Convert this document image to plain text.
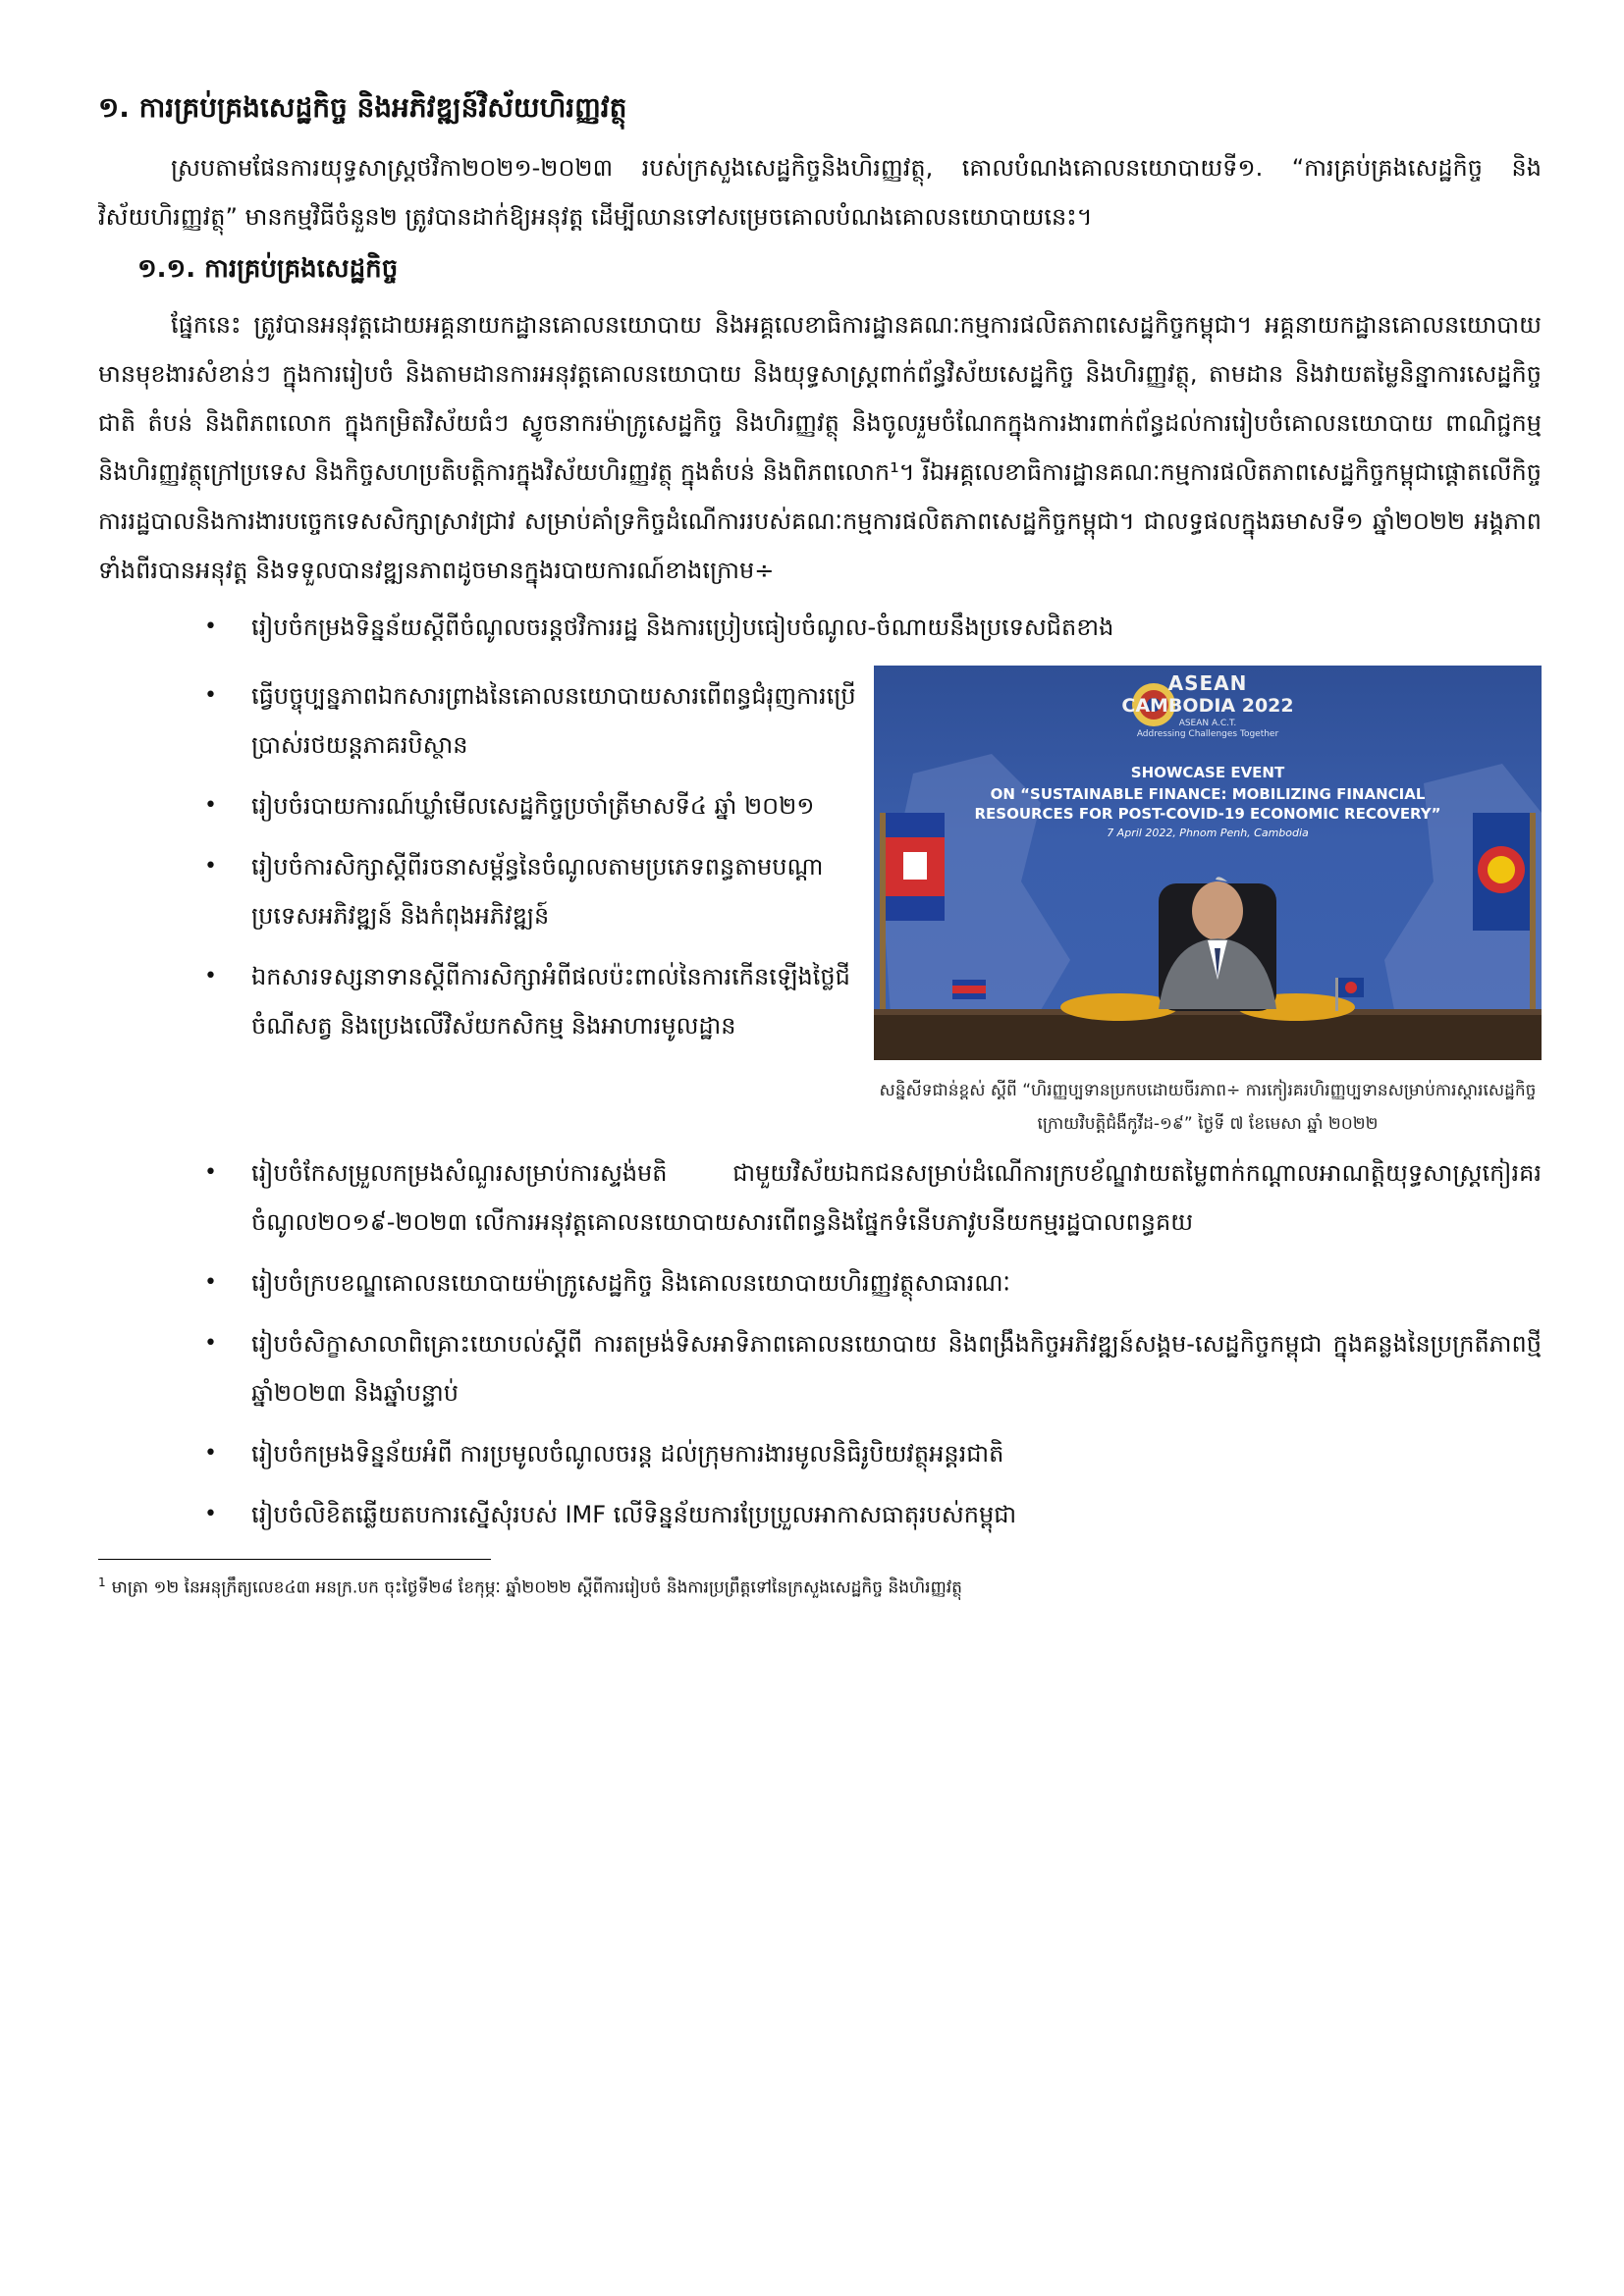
១. ការគ្រប់គ្រងសេដ្ឋកិច្ច និងអភិវឌ្ឍន៍វិស័យហិរញ្ញវត្ថុ

ស្របតាមផែនការយុទ្ធសាស្ត្រថវិកា២០២១-២០២៣ របស់ក្រសួងសេដ្ឋកិច្ចនិងហិរញ្ញវត្ថុ, គោលបំណងគោលនយោបាយទី១. “ការគ្រប់គ្រងសេដ្ឋកិច្ច និងវិស័យហិរញ្ញវត្ថុ” មានកម្មវិធីចំនួន២ ត្រូវបានដាក់ឱ្យអនុវត្ត ដើម្បីឈានទៅសម្រេចគោលបំណងគោលនយោបាយនេះ។

១.១. ការគ្រប់គ្រងសេដ្ឋកិច្ច

ផ្នែកនេះ ត្រូវបានអនុវត្តដោយអគ្គនាយកដ្ឋានគោលនយោបាយ និងអគ្គលេខាធិការដ្ឋានគណៈកម្មការផលិតភាពសេដ្ឋកិច្ចកម្ពុជា។ អគ្គនាយកដ្ឋានគោលនយោបាយមានមុខងារសំខាន់ៗ ក្នុងការរៀបចំ និងតាមដានការអនុវត្តគោលនយោបាយ និងយុទ្ធសាស្ត្រពាក់ព័ន្ធវិស័យសេដ្ឋកិច្ច និងហិរញ្ញវត្ថុ, តាមដាន និងវាយតម្លៃនិន្នាការសេដ្ឋកិច្ចជាតិ តំបន់ និងពិភពលោក ក្នុងកម្រិតវិស័យធំៗ ស្វូចនាករម៉ាក្រូសេដ្ឋកិច្ច និងហិរញ្ញវត្ថុ និងចូលរួមចំណែកក្នុងការងារពាក់ព័ន្ធដល់ការរៀបចំគោលនយោបាយ ពាណិជ្ជកម្ម និងហិរញ្ញវត្ថុក្រៅប្រទេស និងកិច្ចសហប្រតិបត្តិការក្នុងវិស័យហិរញ្ញវត្ថុ ក្នុងតំបន់ និងពិភពលោក¹។ រីឯអគ្គលេខាធិការដ្ឋានគណៈកម្មការផលិតភាពសេដ្ឋកិច្ចកម្ពុជាផ្តោតលើកិច្ចការរដ្ឋបាលនិងការងារបច្ចេកទេសសិក្សាស្រាវជ្រាវ សម្រាប់គាំទ្រកិច្ចដំណើការរបស់គណៈកម្មការផលិតភាពសេដ្ឋកិច្ចកម្ពុជា។ ជាលទ្ធផលក្នុងឆមាសទី១ ឆ្នាំ២០២២ អង្គភាពទាំងពីរបានអនុវត្ត និងទទួលបានវឌ្ឍនភាពដូចមានក្នុងរបាយការណ៍ខាងក្រោម÷

• រៀបចំកម្រងទិន្នន័យស្តីពីចំណូលចរន្តថវិការរដ្ឋ និងការប្រៀបធៀបចំណូល-ចំណាយនឹងប្រទេសជិតខាង
• ធ្វើបច្ចុប្បន្នភាពឯកសារព្រាងនៃគោលនយោបាយសារពើពន្ធជំរុញការប្រើប្រាស់រថយន្តភាគរបិស្ថាន
• រៀបចំរបាយការណ៍ឃ្លាំមើលសេដ្ឋកិច្ចប្រចាំត្រីមាសទី៤ ឆ្នាំ ២០២១
• រៀបចំការសិក្សាស្តីពីរចនាសម្ព័ន្ធនៃចំណូលតាមប្រភេទពន្ធតាមបណ្តាប្រទេសអភិវឌ្ឍន៍ និងកំពុងអភិវឌ្ឍន៍
• ឯកសារទស្សនាទានស្តីពីការសិក្សាអំពីផលប៉ះពាល់នៃការកើនឡើងថ្លៃជី ចំណីសត្វ និងប្រេងលើវិស័យកសិកម្ម និងអាហារមូលដ្ឋាន
ASEAN
CAMBODIA 2022
ASEAN A.C.T.
Addressing Challenges Together
SHOWCASE EVENT
ON “SUSTAINABLE FINANCE: MOBILIZING FINANCIAL
RESOURCES FOR POST-COVID-19 ECONOMIC RECOVERY”
7 April 2022, Phnom Penh, Cambodia
សន្និសីទជាន់ខ្ពស់ ស្តីពី “ហិរញ្ញប្បទានប្រកបដោយចីរភាព÷ ការកៀរគរហិរញ្ញប្បទានសម្រាប់ការស្តារសេដ្ឋកិច្ចក្រោយវិបត្តិជំងឺកូវីដ-១៩” ថ្ងៃទី ៧ ខែមេសា ឆ្នាំ ២០២២
• រៀបចំកែសម្រួលកម្រងសំណួរសម្រាប់ការស្ទង់មតិ ជាមួយវិស័យឯកជនសម្រាប់ដំណើការក្របខ័ណ្ឌវាយតម្លៃពាក់កណ្តាលអាណត្តិយុទ្ធសាស្ត្រកៀរគរចំណូល២០១៩-២០២៣ លើការអនុវត្តគោលនយោបាយសារពើពន្ធនិងផ្នែកទំនើបភាវូបនីយកម្មរដ្ឋបាលពន្ធគយ
• រៀបចំក្របខណ្ឌគោលនយោបាយម៉ាក្រូសេដ្ឋកិច្ច និងគោលនយោបាយហិរញ្ញវត្ថុសាធារណៈ
• រៀបចំសិក្ខាសាលាពិគ្រោះយោបល់ស្តីពី ការតម្រង់ទិសអាទិភាពគោលនយោបាយ និងពង្រឹងកិច្ចអភិវឌ្ឍន៍សង្គម-សេដ្ឋកិច្ចកម្ពុជា ក្នុងគន្លងនៃប្រក្រតីភាពថ្មីឆ្នាំ២០២៣ និងឆ្នាំបន្ទាប់
• រៀបចំកម្រងទិន្នន័យអំពី ការប្រមូលចំណូលចរន្ត ដល់ក្រុមការងារមូលនិធិរូបិយវត្ថុអន្តរជាតិ
• រៀបចំលិខិតឆ្លើយតបការស្នើសុំរបស់ IMF លើទិន្នន័យការប្រែប្រួលអាកាសធាតុរបស់កម្ពុជា
$^1$ មាត្រា ១២ នៃអនុក្រឹត្យលេខ៤៣ អនក្រ.បក ចុះថ្ងៃទី២៨ ខែកុម្ភៈ ឆ្នាំ២០២២ ស្តីពីការរៀបចំ និងការប្រព្រឹត្តទៅនៃក្រសួងសេដ្ឋកិច្ច និងហិរញ្ញវត្ថុ
